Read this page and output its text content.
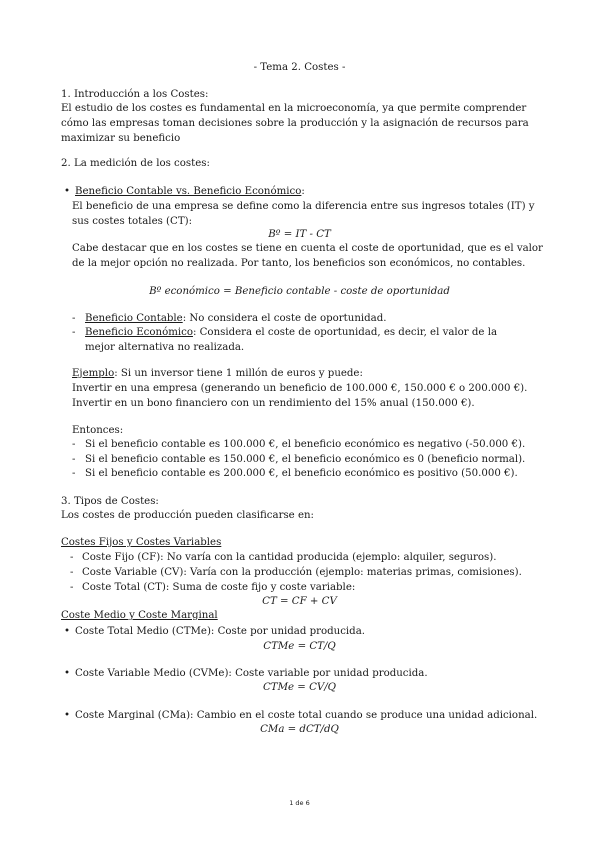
- Tema 2. Costes -
1. Introducción a los Costes:
El estudio de los costes es fundamental en la microeconomía, ya que permite comprender cómo las empresas toman decisiones sobre la producción y la asignación de recursos para maximizar su beneficio
2. La medición de los costes:
• Beneficio Contable vs. Beneficio Económico:
El beneficio de una empresa se define como la diferencia entre sus ingresos totales (IT) y sus costes totales (CT):
Bº = IT - CT
Cabe destacar que en los costes se tiene en cuenta el coste de oportunidad, que es el valor de la mejor opción no realizada. Por tanto, los beneficios son económicos, no contables.
Bº económico = Beneficio contable - coste de oportunidad
- Beneficio Contable: No considera el coste de oportunidad.
- Beneficio Económico: Considera el coste de oportunidad, es decir, el valor de la mejor alternativa no realizada.
Ejemplo: Si un inversor tiene 1 millón de euros y puede:
Invertir en una empresa (generando un beneficio de 100.000 €, 150.000 € o 200.000 €).
Invertir en un bono financiero con un rendimiento del 15% anual (150.000 €).
Entonces:
- Si el beneficio contable es 100.000 €, el beneficio económico es negativo (-50.000 €).
- Si el beneficio contable es 150.000 €, el beneficio económico es 0 (beneficio normal).
- Si el beneficio contable es 200.000 €, el beneficio económico es positivo (50.000 €).
3. Tipos de Costes:
Los costes de producción pueden clasificarse en:
Costes Fijos y Costes Variables
- Coste Fijo (CF): No varía con la cantidad producida (ejemplo: alquiler, seguros).
- Coste Variable (CV): Varía con la producción (ejemplo: materias primas, comisiones).
- Coste Total (CT): Suma de coste fijo y coste variable:
CT = CF + CV
Coste Medio y Coste Marginal
• Coste Total Medio (CTMe): Coste por unidad producida.
CTMe = CT/Q
• Coste Variable Medio (CVMe): Coste variable por unidad producida.
CTMe = CV/Q
• Coste Marginal (CMa): Cambio en el coste total cuando se produce una unidad adicional.
CMa = dCT/dQ
1 de 6
